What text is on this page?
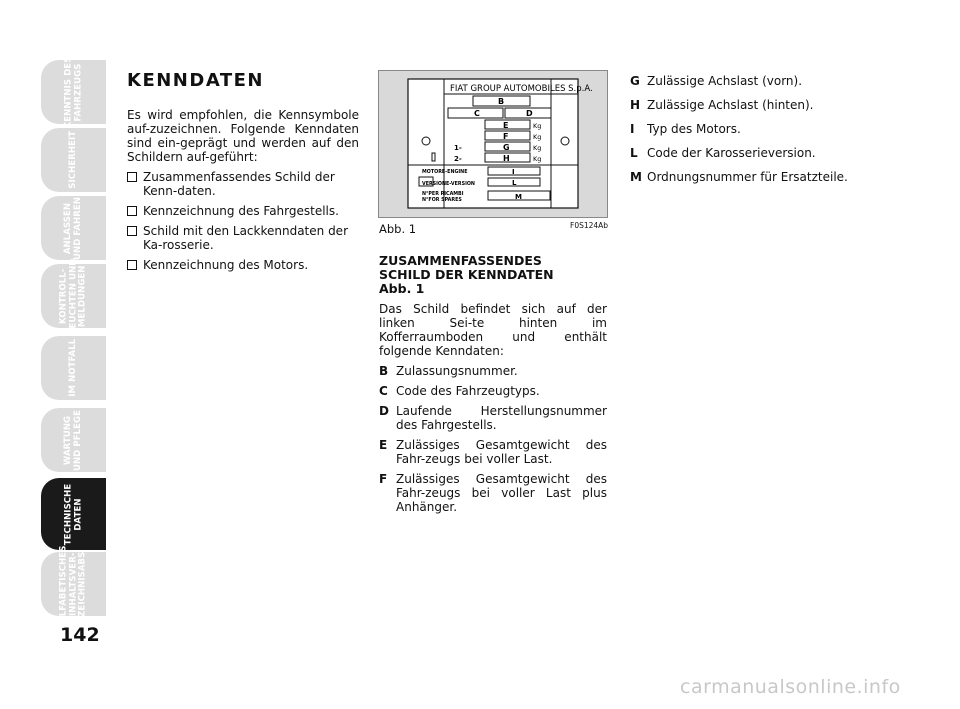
KENNTNIS DES
FAHRZEUGS
SICHERHEIT
ANLASSEN
UND FAHREN
KONTROLL-
LEUCHTEN UND
MELDUNGEN
IM NOTFALL
WARTUNG
UND PFLEGE
TECHNISCHE
DATEN
ALFABETISCHES
INHALTSVER-
ZEICHNISABS
142
KENNDATEN

Es wird empfohlen, die Kennsymbole auf-zuzeichnen. Folgende Kenndaten sind ein-geprägt und werden auf den Schildern auf-geführt:

Zusammenfassendes Schild der Kenn-daten.

Kennzeichnung des Fahrgestells.

Schild mit den Lackkenndaten der Ka-rosserie.

Kennzeichnung des Motors.

FIAT GROUP AUTOMOBILES S.p.A.
B
C	D
E	Kg
F	Kg
1-	G	Kg
2-	H	Kg
MOTORE-ENGINE	I
VERSIONE-VERSION	L
N°PER RICAMBI
N°FOR SPARES	M
Abb. 1	F0S124Ab

ZUSAMMENFASSENDES

SCHILD DER KENNDATEN

Abb. 1

Das Schild befindet sich auf der linken Sei-te hinten im Kofferraumboden und enthält folgende Kenndaten:

B Zulassungsnummer.

C Code des Fahrzeugtyps.

D Laufende Herstellungsnummer des Fahrgestells.

E Zulässiges Gesamtgewicht des Fahr-zeugs bei voller Last.

F Zulässiges Gesamtgewicht des Fahr-zeugs bei voller Last plus Anhänger.

G Zulässige Achslast (vorn).

H Zulässige Achslast (hinten).

I Typ des Motors.

L Code der Karosserieversion.

M Ordnungsnummer für Ersatzteile.

carmanualsonline.info
